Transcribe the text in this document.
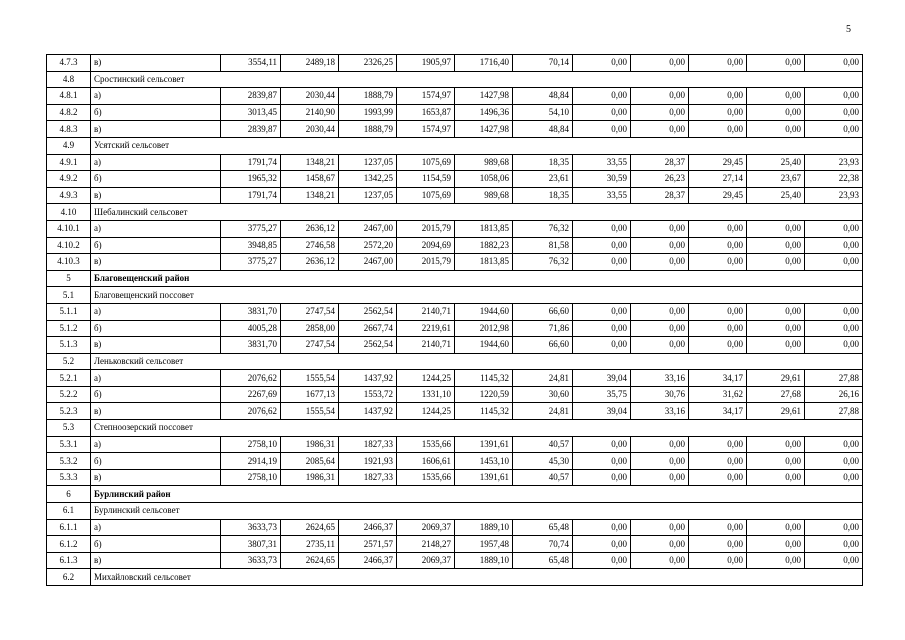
5
4.7.3	в)	3554,11	2489,18	2326,25	1905,97	1716,40	70,14	0,00	0,00	0,00	0,00	0,00
4.8	Сростинский сельсовет											
4.8.1	а)	2839,87	2030,44	1888,79	1574,97	1427,98	48,84	0,00	0,00	0,00	0,00	0,00
4.8.2	б)	3013,45	2140,90	1993,99	1653,87	1496,36	54,10	0,00	0,00	0,00	0,00	0,00
4.8.3	в)	2839,87	2030,44	1888,79	1574,97	1427,98	48,84	0,00	0,00	0,00	0,00	0,00
4.9	Усятский сельсовет											
4.9.1	а)	1791,74	1348,21	1237,05	1075,69	989,68	18,35	33,55	28,37	29,45	25,40	23,93
4.9.2	б)	1965,32	1458,67	1342,25	1154,59	1058,06	23,61	30,59	26,23	27,14	23,67	22,38
4.9.3	в)	1791,74	1348,21	1237,05	1075,69	989,68	18,35	33,55	28,37	29,45	25,40	23,93
4.10	Шебалинский сельсовет											
4.10.1	а)	3775,27	2636,12	2467,00	2015,79	1813,85	76,32	0,00	0,00	0,00	0,00	0,00
4.10.2	б)	3948,85	2746,58	2572,20	2094,69	1882,23	81,58	0,00	0,00	0,00	0,00	0,00
4.10.3	в)	3775,27	2636,12	2467,00	2015,79	1813,85	76,32	0,00	0,00	0,00	0,00	0,00
5	Благовещенский район											
5.1	Благовещенский поссовет											
5.1.1	а)	3831,70	2747,54	2562,54	2140,71	1944,60	66,60	0,00	0,00	0,00	0,00	0,00
5.1.2	б)	4005,28	2858,00	2667,74	2219,61	2012,98	71,86	0,00	0,00	0,00	0,00	0,00
5.1.3	в)	3831,70	2747,54	2562,54	2140,71	1944,60	66,60	0,00	0,00	0,00	0,00	0,00
5.2	Леньковский сельсовет											
5.2.1	а)	2076,62	1555,54	1437,92	1244,25	1145,32	24,81	39,04	33,16	34,17	29,61	27,88
5.2.2	б)	2267,69	1677,13	1553,72	1331,10	1220,59	30,60	35,75	30,76	31,62	27,68	26,16
5.2.3	в)	2076,62	1555,54	1437,92	1244,25	1145,32	24,81	39,04	33,16	34,17	29,61	27,88
5.3	Степноозерский поссовет											
5.3.1	а)	2758,10	1986,31	1827,33	1535,66	1391,61	40,57	0,00	0,00	0,00	0,00	0,00
5.3.2	б)	2914,19	2085,64	1921,93	1606,61	1453,10	45,30	0,00	0,00	0,00	0,00	0,00
5.3.3	в)	2758,10	1986,31	1827,33	1535,66	1391,61	40,57	0,00	0,00	0,00	0,00	0,00
6	Бурлинский район											
6.1	Бурлинский сельсовет											
6.1.1	а)	3633,73	2624,65	2466,37	2069,37	1889,10	65,48	0,00	0,00	0,00	0,00	0,00
6.1.2	б)	3807,31	2735,11	2571,57	2148,27	1957,48	70,74	0,00	0,00	0,00	0,00	0,00
6.1.3	в)	3633,73	2624,65	2466,37	2069,37	1889,10	65,48	0,00	0,00	0,00	0,00	0,00
6.2	Михайловский сельсовет											
